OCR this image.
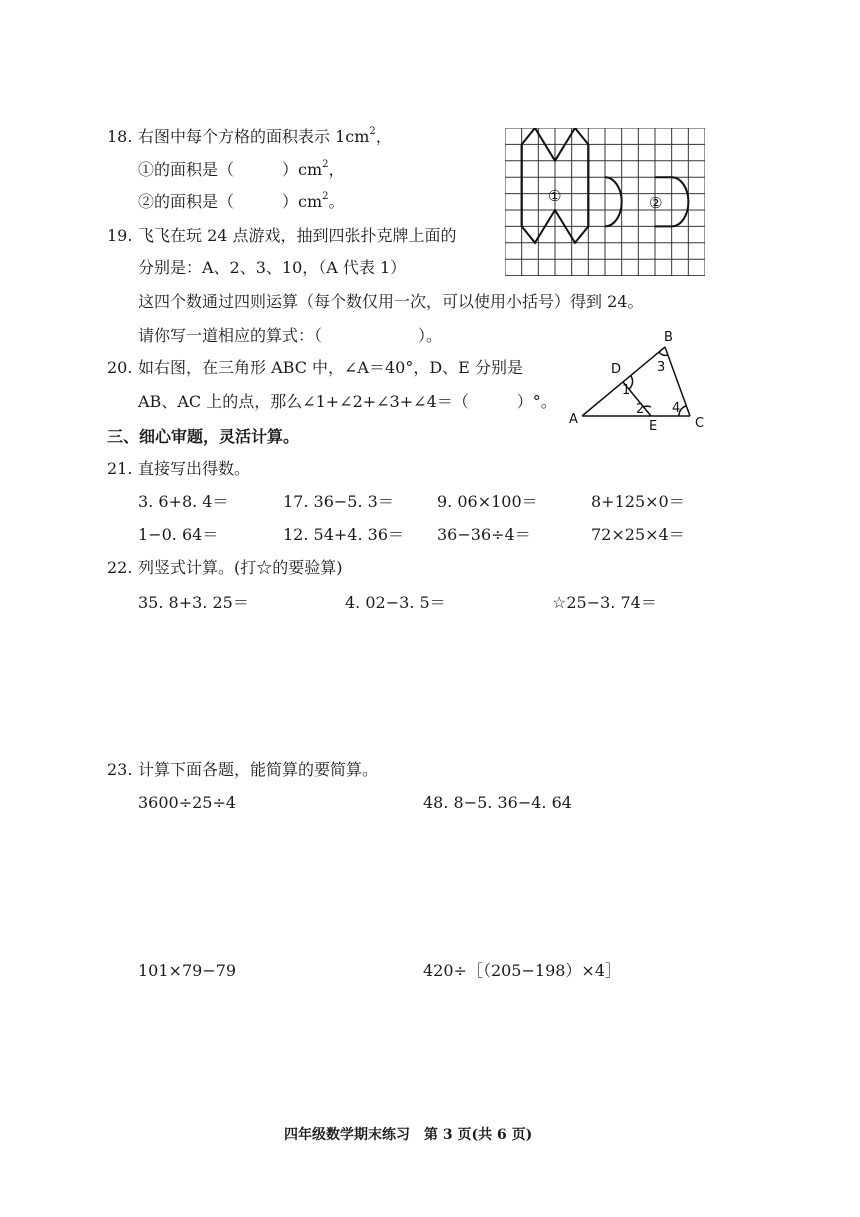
18. 右图中每个方格的面积表示 $1cm^2$，
①的面积是（　　　）$cm^2$，
②的面积是（　　　）$cm^2$。	①	②
19. 飞飞在玩 24 点游戏，抽到四张扑克牌上面的
分别是：A、2、3、10，（A 代表 1）
这四个数通过四则运算（每个数仅用一次，可以使用小括号）得到 24。
请你写一道相应的算式：（　　　　　　）。
20. 如右图，在三角形 ABC 中，∠A＝40°，D、E 分别是
AB、AC 上的点，那么∠1+∠2+∠3+∠4＝（　　　）°。
A
B
C
D
E
1
2
3
4
三、细心审题，灵活计算。
21. 直接写出得数。
3. 6+8. 4＝	17. 36−5. 3＝	9. 06×100＝	8+125×0＝
1−0. 64＝	12. 54+4. 36＝ 36−36÷4＝	72×25×4＝
22. 列竖式计算。(打☆的要验算)
35. 8+3. 25＝	4. 02−3. 5＝	☆25−3. 74＝
23. 计算下面各题，能简算的要简算。
3600÷25÷4	48. 8−5. 36−4. 64
101×79−79	420÷［（205−198）×4］
四年级数学期末练习　第 3 页(共 6 页)
